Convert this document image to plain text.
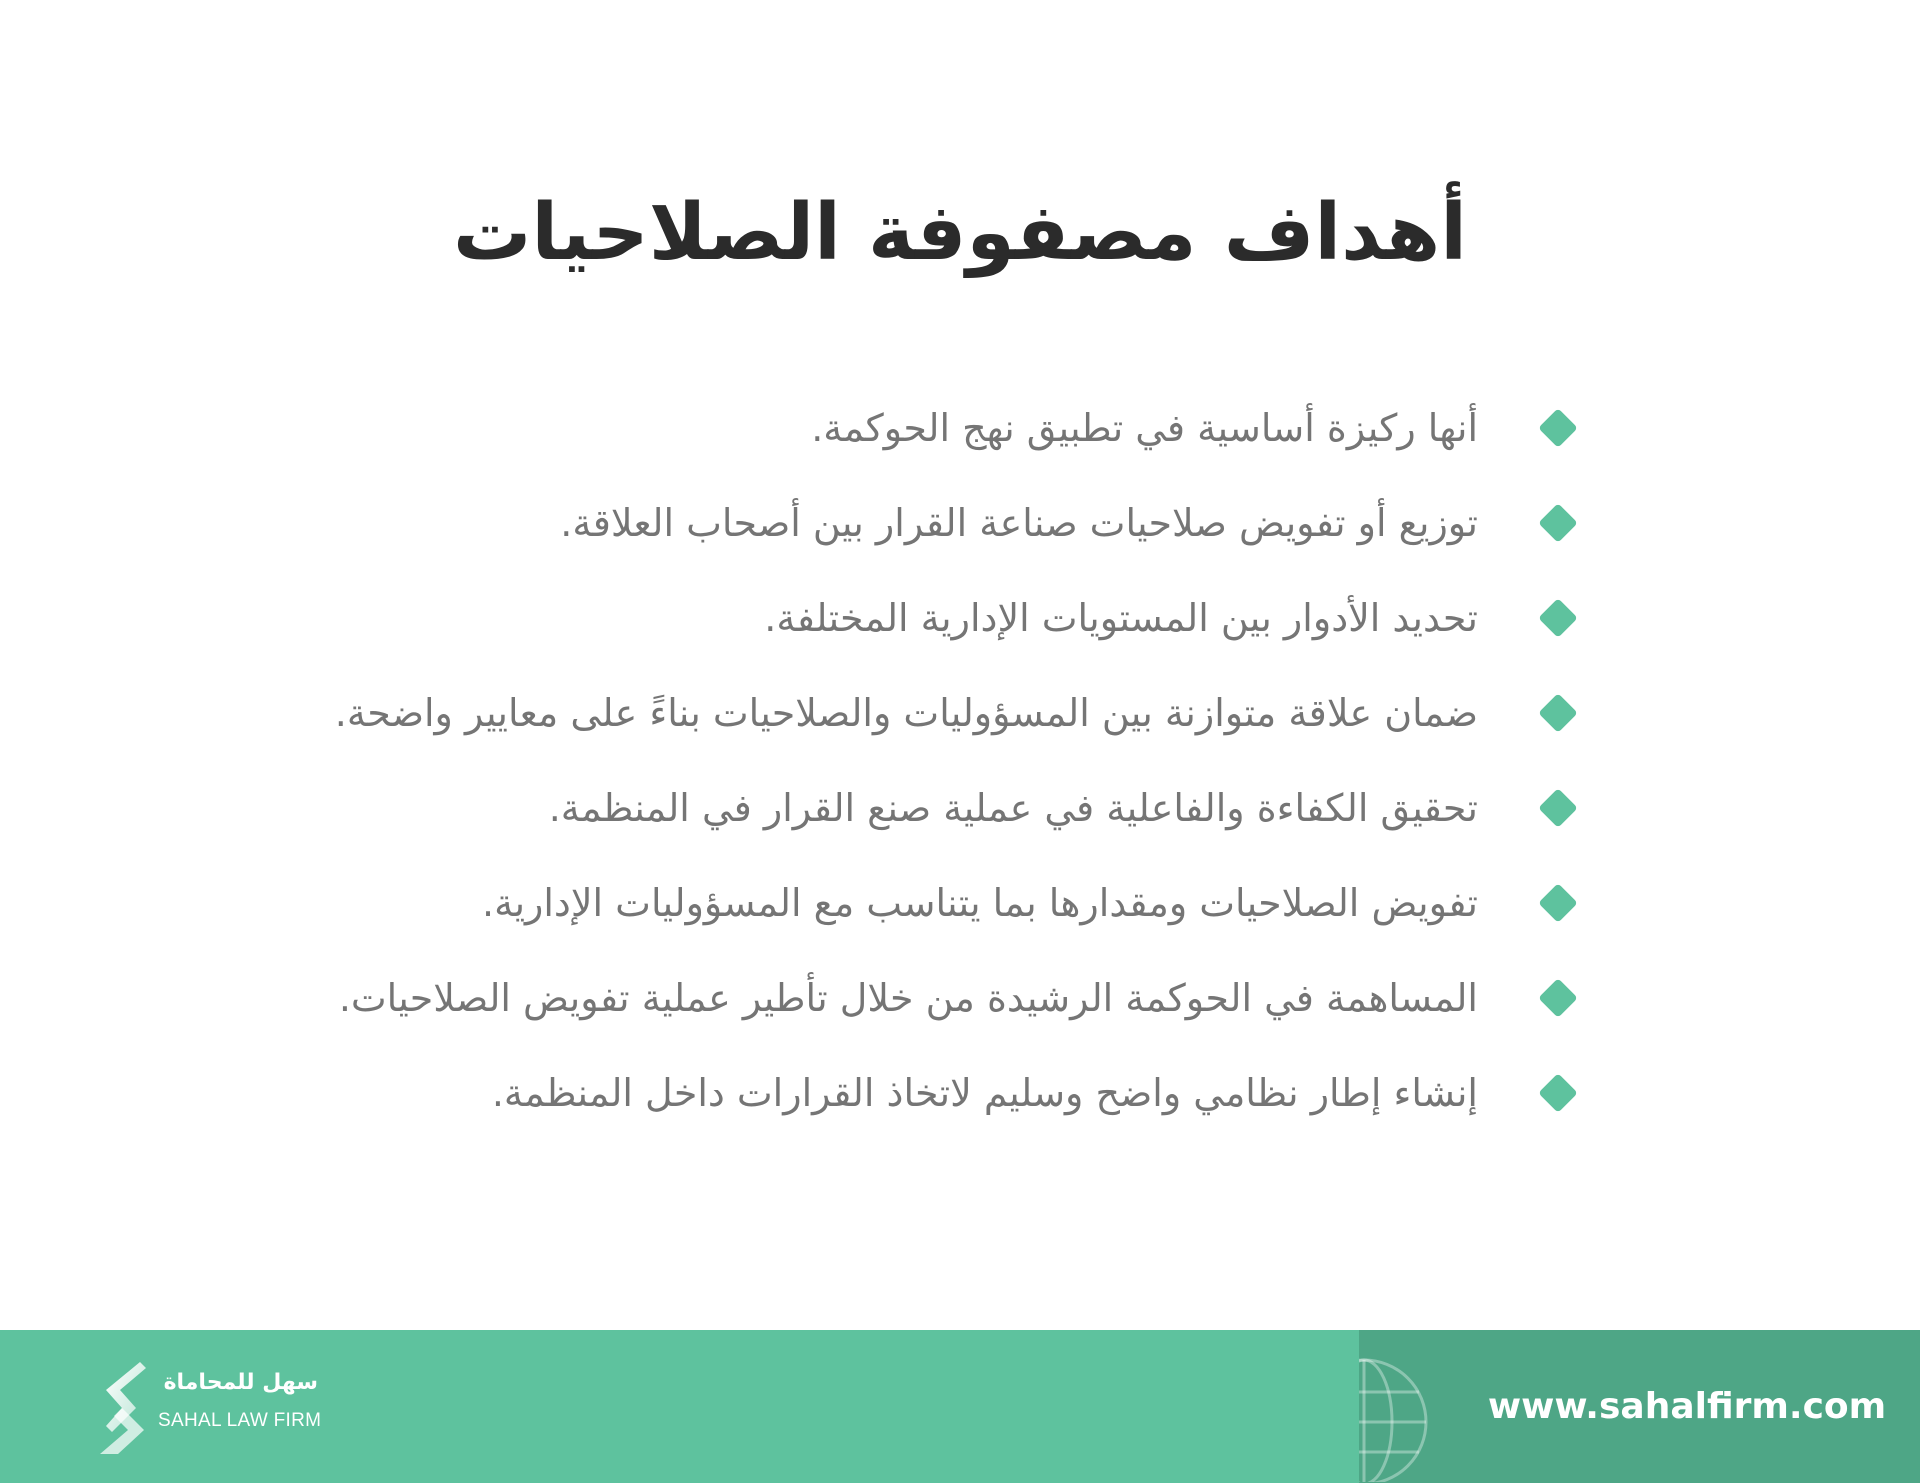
أهداف مصفوفة الصلاحيات
أنها ركيزة أساسية في تطبيق نهج الحوكمة.
توزيع أو تفويض صلاحيات صناعة القرار بين أصحاب العلاقة.
تحديد الأدوار بين المستويات الإدارية المختلفة.
ضمان علاقة متوازنة بين المسؤوليات والصلاحيات بناءً على معايير واضحة.
تحقيق الكفاءة والفاعلية في عملية صنع القرار في المنظمة.
تفويض الصلاحيات ومقدارها بما يتناسب مع المسؤوليات الإدارية.
المساهمة في الحوكمة الرشيدة من خلال تأطير عملية تفويض الصلاحيات.
إنشاء إطار نظامي واضح وسليم لاتخاذ القرارات داخل المنظمة.
سهل للمحاماة
SAHAL LAW FIRM	www.sahalfirm.com
